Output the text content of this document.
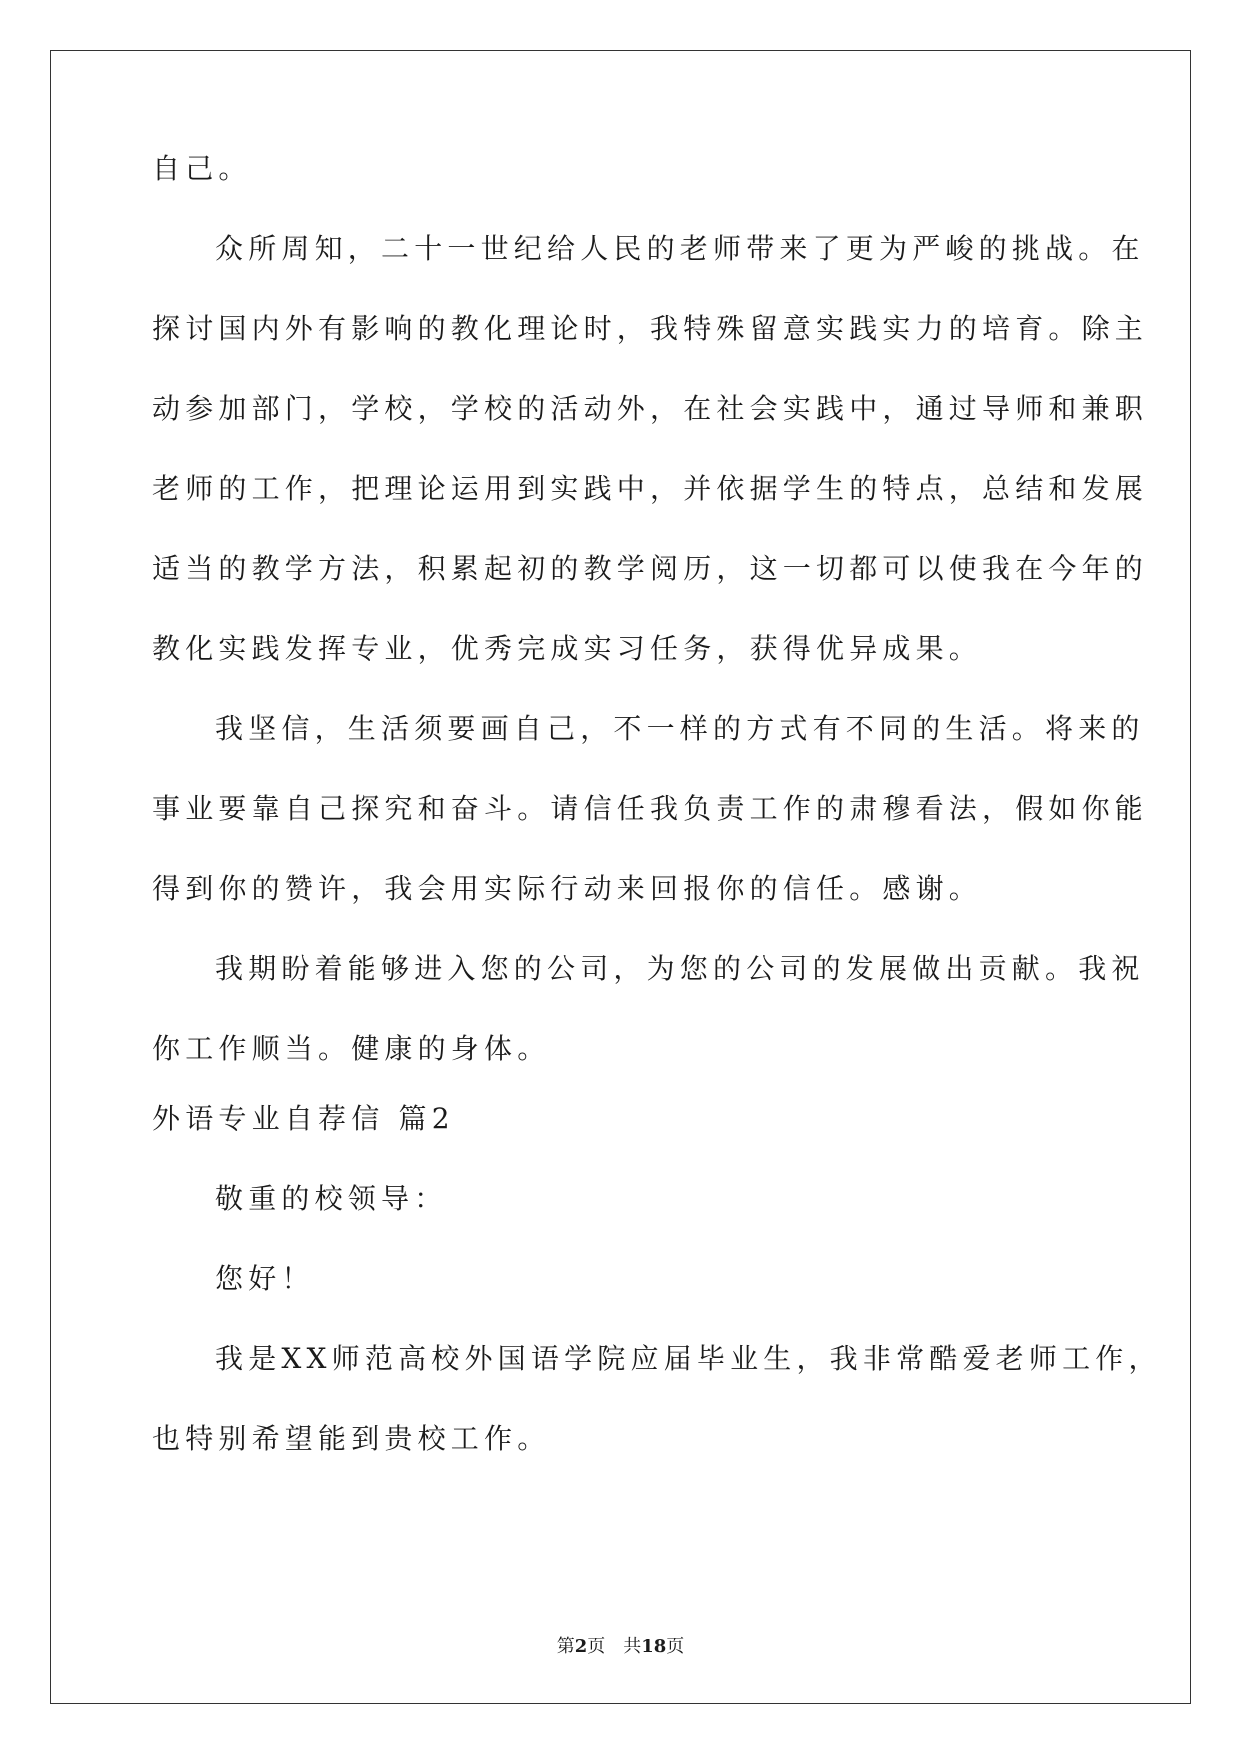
自己。
众所周知，二十一世纪给人民的老师带来了更为严峻的挑战。在
探讨国内外有影响的教化理论时，我特殊留意实践实力的培育。除主
动参加部门，学校，学校的活动外，在社会实践中，通过导师和兼职
老师的工作，把理论运用到实践中，并依据学生的特点，总结和发展
适当的教学方法，积累起初的教学阅历，这一切都可以使我在今年的
教化实践发挥专业，优秀完成实习任务，获得优异成果。
我坚信，生活须要画自己，不一样的方式有不同的生活。将来的
事业要靠自己探究和奋斗。请信任我负责工作的肃穆看法，假如你能
得到你的赞许，我会用实际行动来回报你的信任。感谢。
我期盼着能够进入您的公司，为您的公司的发展做出贡献。我祝
你工作顺当。健康的身体。
外语专业自荐信 篇2
敬重的校领导：
您好！
我是XX师范高校外国语学院应届毕业生，我非常酷爱老师工作，
也特别希望能到贵校工作。
第2页　共18页
